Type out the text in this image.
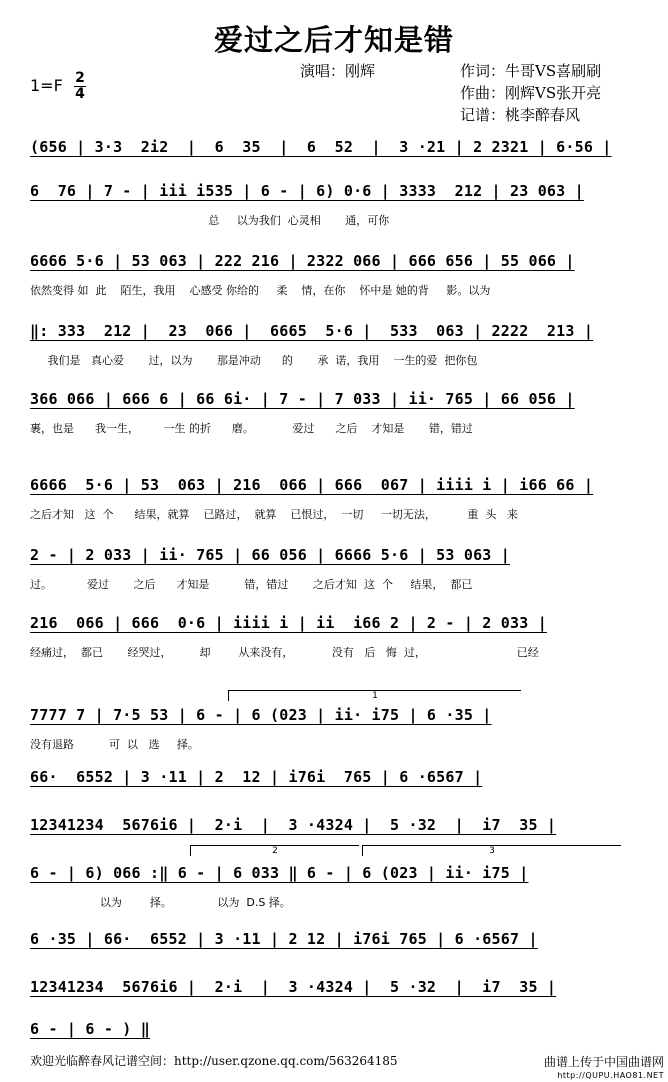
爱过之后才知是错
演唱：刚辉	作词：牛哥VS喜刷刷
作曲：刚辉VS张开亮
记谱：桃李醉春风
1=F 2
4
(656 | 3·3  2i2  |  6  35  |  6  52  |  3 ·21 | 2 2321 | 6·56 |
6  76 | 7 - | iii i535 | 6 - | 6) 0·6 | 3333  212 | 23 063 |
总     以为我们  心灵相       通，可你
6666 5·6 | 53 063 | 222 216 | 2322 066 | 666 656 | 55 066 |
依然变得 如  此    陌生，我用    心感受 你给的     柔    情，在你    怀中是 她的背     影。以为
‖: 333  212 |  23  066 |  6665  5·6 |  533  063 | 2222  213 |
我们是   真心爱       过，以为       那是冲动      的       承  诺，我用    一生的爱  把你包
366 066 | 666 6 | 66 6i· | 7 - | 7 033 | ii· 765 | 66 056 |
裹，也是      我一生，       一生 的折      磨。           爱过      之后    才知是       错，错过
6666  5·6 | 53  063 | 216  066 | 666  067 | iiii i | i66 66 |
之后才知   这  个      结果，就算    已路过，  就算    已恨过，  一切     一切无法，         重  头   来
2 - | 2 033 | ii· 765 | 66 056 | 6666 5·6 | 53 063 |
过。          爱过       之后      才知是          错，错过       之后才知  这  个     结果，  都已
216  066 | 666  0·6 | iiii i | ii  i66 2 | 2 - | 2 033 |
经痛过，  都已       经哭过，        却        从来没有，           没有   后   悔  过，                          已经
7777 7 | 7·5 53 | 6 - | 6 (023 | ii· i75 | 6 ·35 |
没有退路          可  以   选     择。
66·  6552 | 3 ·11 | 2  12 | i76i  765 | 6 ·6567 |
12341234  5676i6 |  2·i  |  3 ·4324 |  5 ·32  |  i7  35 |
6 - | 6) 066 :‖ 6 - | 6 033 ‖ 6 - | 6 (023 | ii· i75 |
以为        择。             以为  D.S 择。
6 ·35 | 66·  6552 | 3 ·11 | 2 12 | i76i 765 | 6 ·6567 |
12341234  5676i6 |  2·i  |  3 ·4324 |  5 ·32  |  i7  35 |
6 - | 6 - ) ‖
1
2	3
欢迎光临醉春风记谱空间：http://user.qzone.qq.com/563264185	曲谱上传于中国曲谱网
http://QUPU.HAO81.NET
